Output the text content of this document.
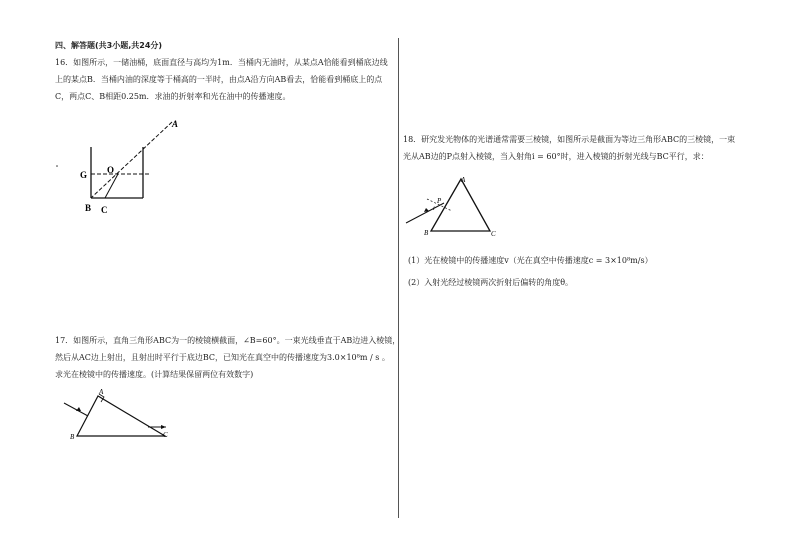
四、解答题(共3小题,共24分)
16．如图所示，一储油桶，底面直径与高均为1m．当桶内无油时，从某点A恰能看到桶底边线
上的某点B．当桶内油的深度等于桶高的一半时，由点A沿方向AB看去，恰能看到桶底上的点
C，两点C、B相距0.25m．求油的折射率和光在油中的传播速度。
A
G O
B C
17．如图所示，直角三角形ABC为一的棱镜横截面，∠B=60°。一束光线垂直于AB边进入棱镜，
然后从AC边上射出，且射出时平行于底边BC，已知光在真空中的传播速度为3.0×10⁸m / s 。
求光在棱镜中的传播速度。(计算结果保留两位有效数字)
A
B	C
18．研究发光物体的光谱通常需要三棱镜，如图所示是截面为等边三角形ABC的三棱镜，一束
光从AB边的P点射入棱镜，当入射角i = 60°时，进入棱镜的折射光线与BC平行，求：
A
B	C
P
i
(1）光在棱镜中的传播速度v（光在真空中传播速度c = 3×10⁸m/s）
(2）入射光经过棱镜两次折射后偏转的角度θ。
